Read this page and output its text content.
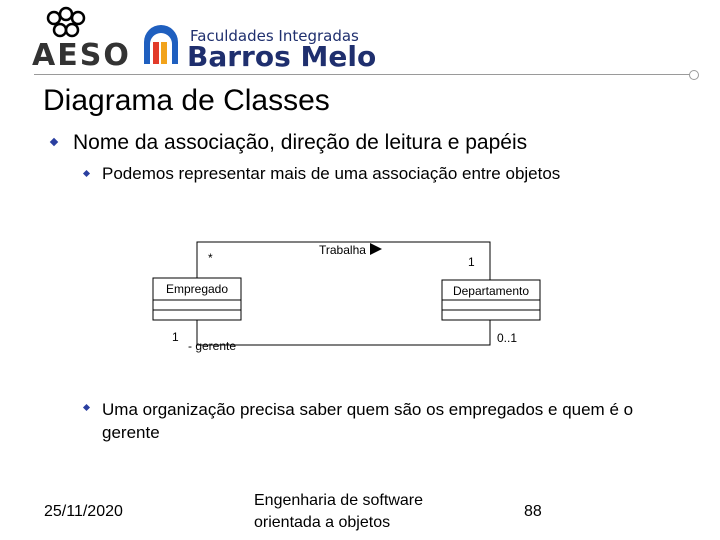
AESO
Faculdades Integradas
Barros Melo
Diagrama de Classes
Nome da associação, direção de leitura e papéis
Podemos representar mais de uma associação entre objetos
Empregado	Departamento
Trabalha
*	1
1	0..1
- gerente
Uma organização precisa saber quem são os empregados e quem é o gerente
25/11/2020
Engenharia de software
orientada a objetos
88
